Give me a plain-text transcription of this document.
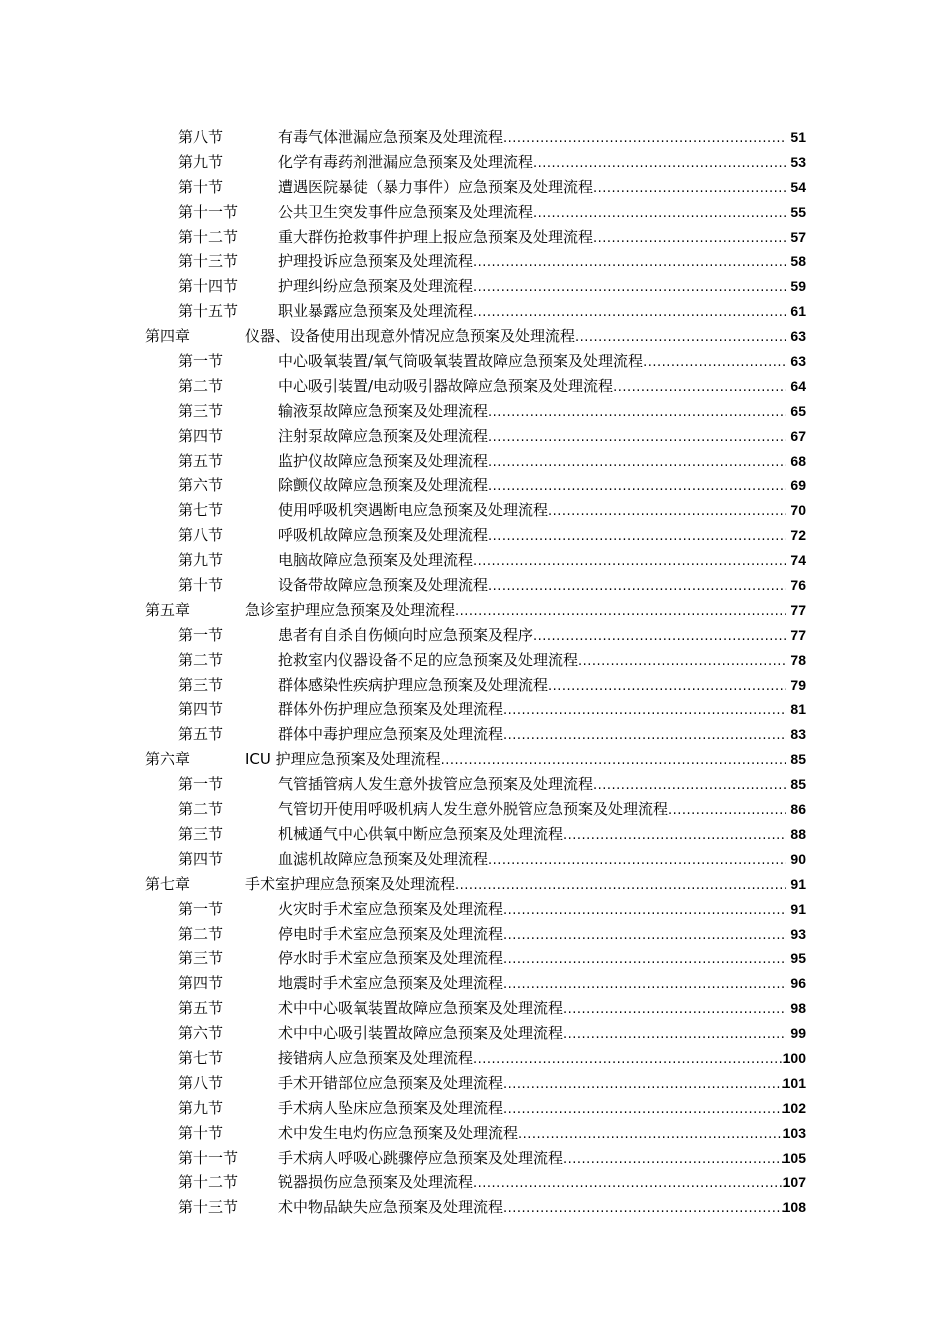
第八节	有毒气体泄漏应急预案及处理流程 .....	51
第九节	化学有毒药剂泄漏应急预案及处理流程 .....	53
第十节	遭遇医院暴徒（暴力事件）应急预案及处理流程 .....	54
第十一节	公共卫生突发事件应急预案及处理流程 .....	55
第十二节	重大群伤抢救事件护理上报应急预案及处理流程 .....	57
第十三节	护理投诉应急预案及处理流程 .....	58
第十四节	护理纠纷应急预案及处理流程 .....	59
第十五节	职业暴露应急预案及处理流程 .....	61
第四章	仪器、设备使用出现意外情况应急预案及处理流程 .....	63
第一节	中心吸氧装置/氧气筒吸氧装置故障应急预案及处理流程 .....	63
第二节	中心吸引装置/电动吸引器故障应急预案及处理流程 .....	64
第三节	输液泵故障应急预案及处理流程 .....	65
第四节	注射泵故障应急预案及处理流程 .....	67
第五节	监护仪故障应急预案及处理流程 .....	68
第六节	除颤仪故障应急预案及处理流程 .....	69
第七节	使用呼吸机突遇断电应急预案及处理流程 .....	70
第八节	呼吸机故障应急预案及处理流程 .....	72
第九节	电脑故障应急预案及处理流程 .....	74
第十节	设备带故障应急预案及处理流程 .....	76
第五章	急诊室护理应急预案及处理流程 .....	77
第一节	患者有自杀自伤倾向时应急预案及程序 .....	77
第二节	抢救室内仪器设备不足的应急预案及处理流程 .....	78
第三节	群体感染性疾病护理应急预案及处理流程 .....	79
第四节	群体外伤护理应急预案及处理流程 .....	81
第五节	群体中毒护理应急预案及处理流程 .....	83
第六章	ICU 护理应急预案及处理流程 .....	85
第一节	气管插管病人发生意外拔管应急预案及处理流程 .....	85
第二节	气管切开使用呼吸机病人发生意外脱管应急预案及处理流程 .....	86
第三节	机械通气中心供氧中断应急预案及处理流程 .....	88
第四节	血滤机故障应急预案及处理流程 .....	90
第七章	手术室护理应急预案及处理流程 .....	91
第一节	火灾时手术室应急预案及处理流程 .....	91
第二节	停电时手术室应急预案及处理流程 .....	93
第三节	停水时手术室应急预案及处理流程 .....	95
第四节	地震时手术室应急预案及处理流程 .....	96
第五节	术中中心吸氧装置故障应急预案及处理流程 .....	98
第六节	术中中心吸引装置故障应急预案及处理流程 .....	99
第七节	接错病人应急预案及处理流程 .....	100
第八节	手术开错部位应急预案及处理流程 .....	101
第九节	手术病人坠床应急预案及处理流程 .....	102
第十节	术中发生电灼伤应急预案及处理流程 .....	103
第十一节	手术病人呼吸心跳骤停应急预案及处理流程 .....	105
第十二节	锐器损伤应急预案及处理流程 .....	107
第十三节	术中物品缺失应急预案及处理流程 .....	108
